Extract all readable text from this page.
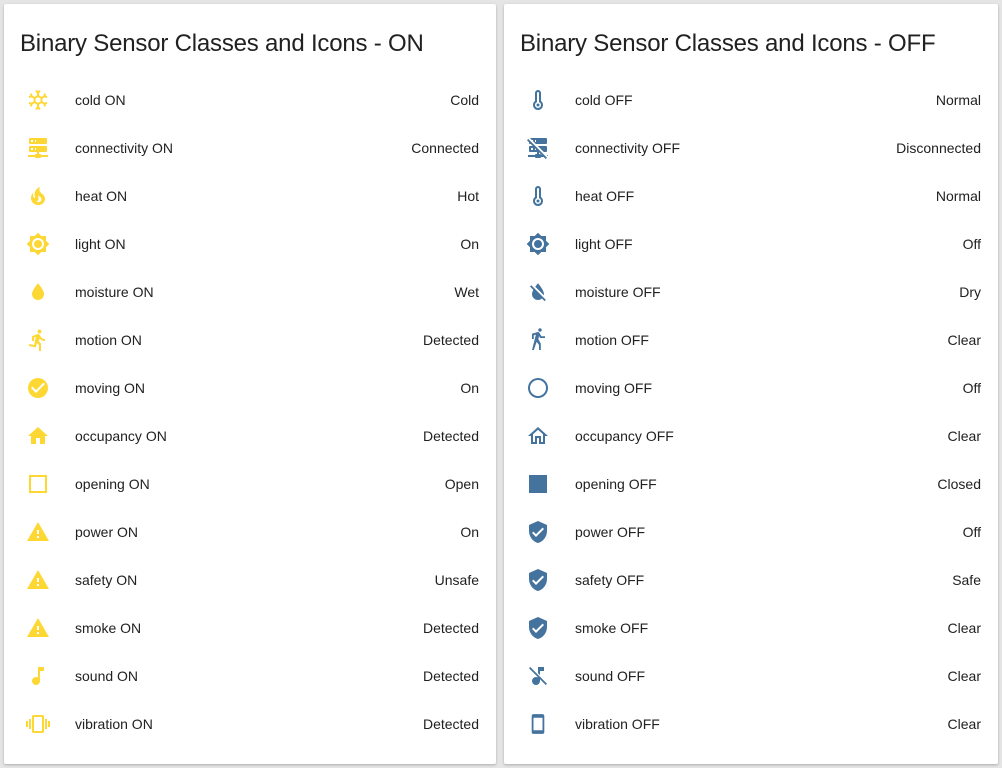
Binary Sensor Classes and Icons - ON
cold ON	Cold
connectivity ON	Connected
heat ON	Hot
light ON	On
moisture ON	Wet
motion ON	Detected
moving ON	On
occupancy ON	Detected
opening ON	Open
power ON	On
safety ON	Unsafe
smoke ON	Detected
sound ON	Detected
vibration ON	Detected
Binary Sensor Classes and Icons - OFF
cold OFF	Normal
connectivity OFF	Disconnected
heat OFF	Normal
light OFF	Off
moisture OFF	Dry
motion OFF	Clear
moving OFF	Off
occupancy OFF	Clear
opening OFF	Closed
power OFF	Off
safety OFF	Safe
smoke OFF	Clear
sound OFF	Clear
vibration OFF	Clear
